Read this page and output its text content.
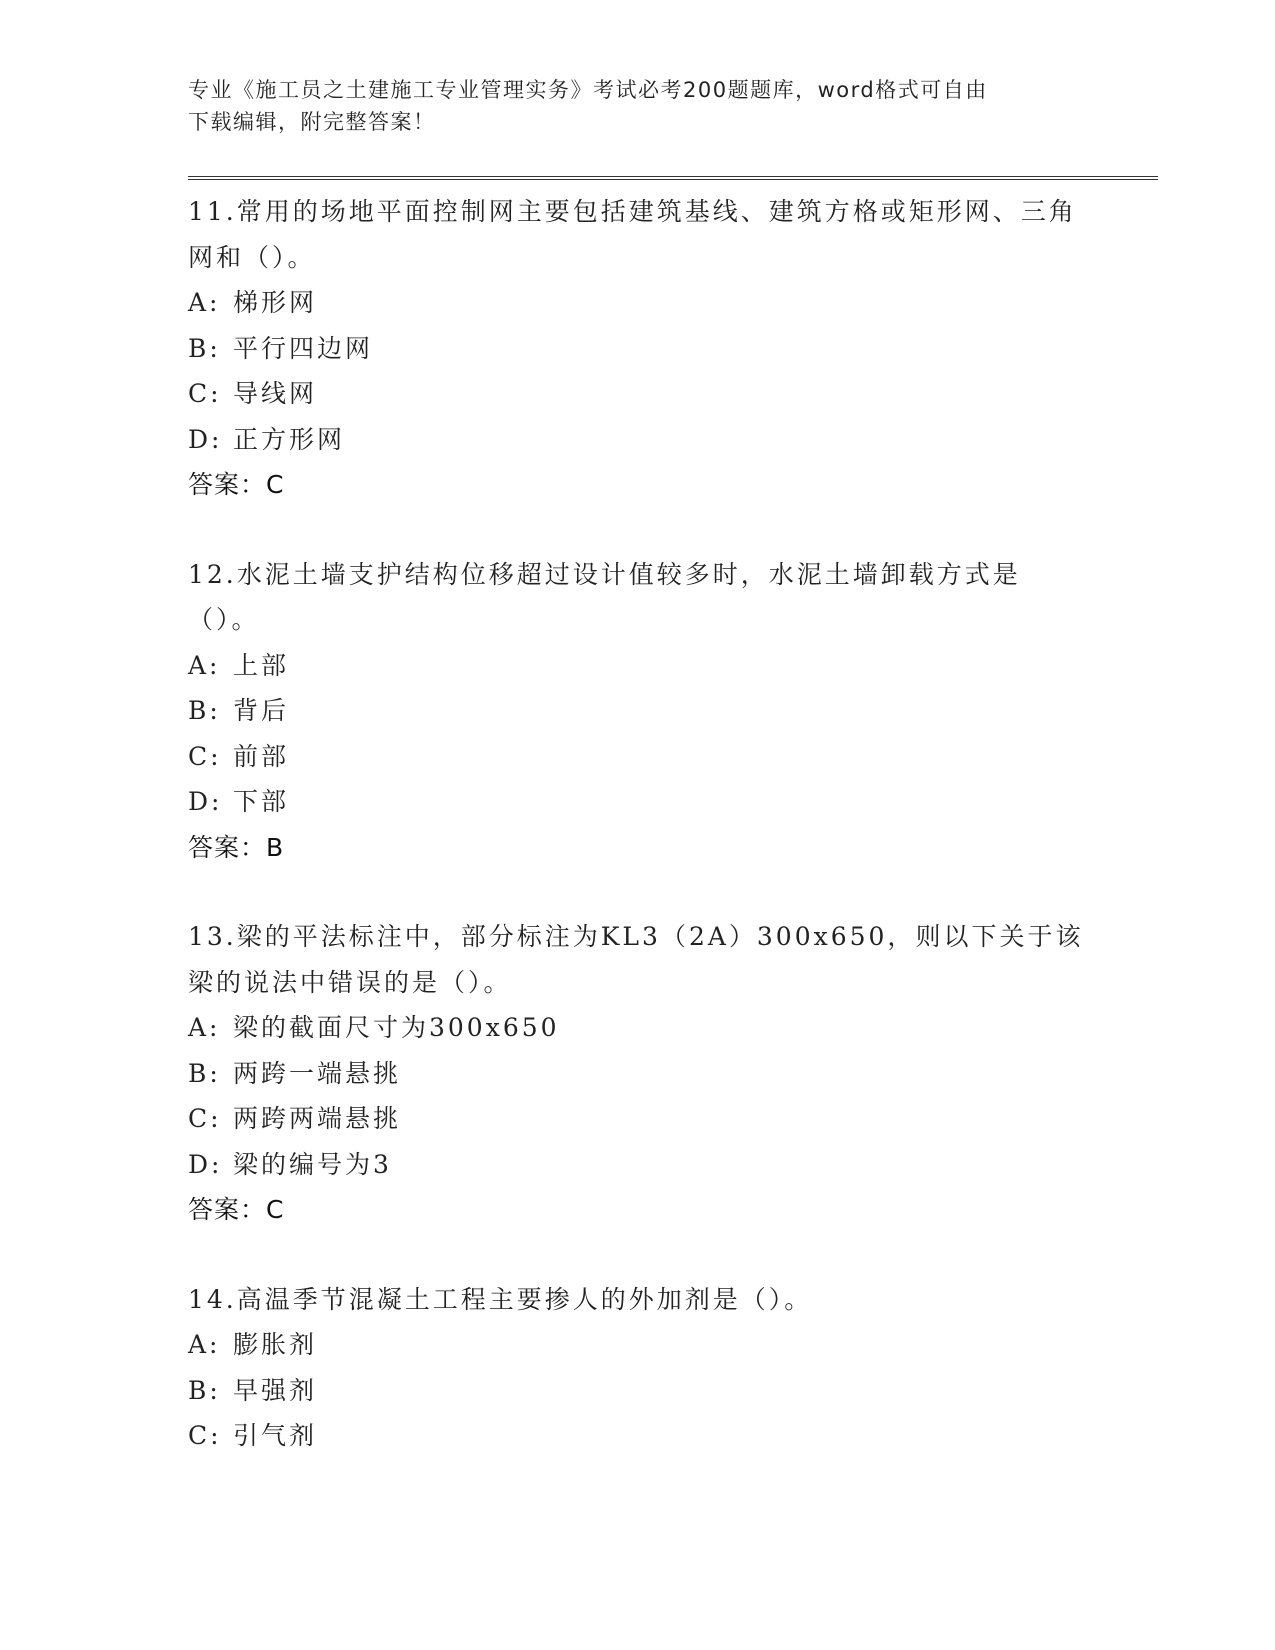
专业《施工员之土建施工专业管理实务》考试必考200题题库，word格式可自由
下载编辑，附完整答案！

11.常用的场地平面控制网主要包括建筑基线、建筑方格或矩形网、三角网和（）。

A: 梯形网

B: 平行四边网

C: 导线网

D: 正方形网

答案：C

12.水泥土墙支护结构位移超过设计值较多时，水泥土墙卸载方式是（）。

A: 上部

B: 背后

C: 前部

D: 下部

答案：B

13.梁的平法标注中，部分标注为KL3（2A）300x650，则以下关于该梁的说法中错误的是（）。

A: 梁的截面尺寸为300x650

B: 两跨一端悬挑

C: 两跨两端悬挑

D: 梁的编号为3

答案：C

14.高温季节混凝土工程主要掺人的外加剂是（）。

A: 膨胀剂

B: 早强剂

C: 引气剂
